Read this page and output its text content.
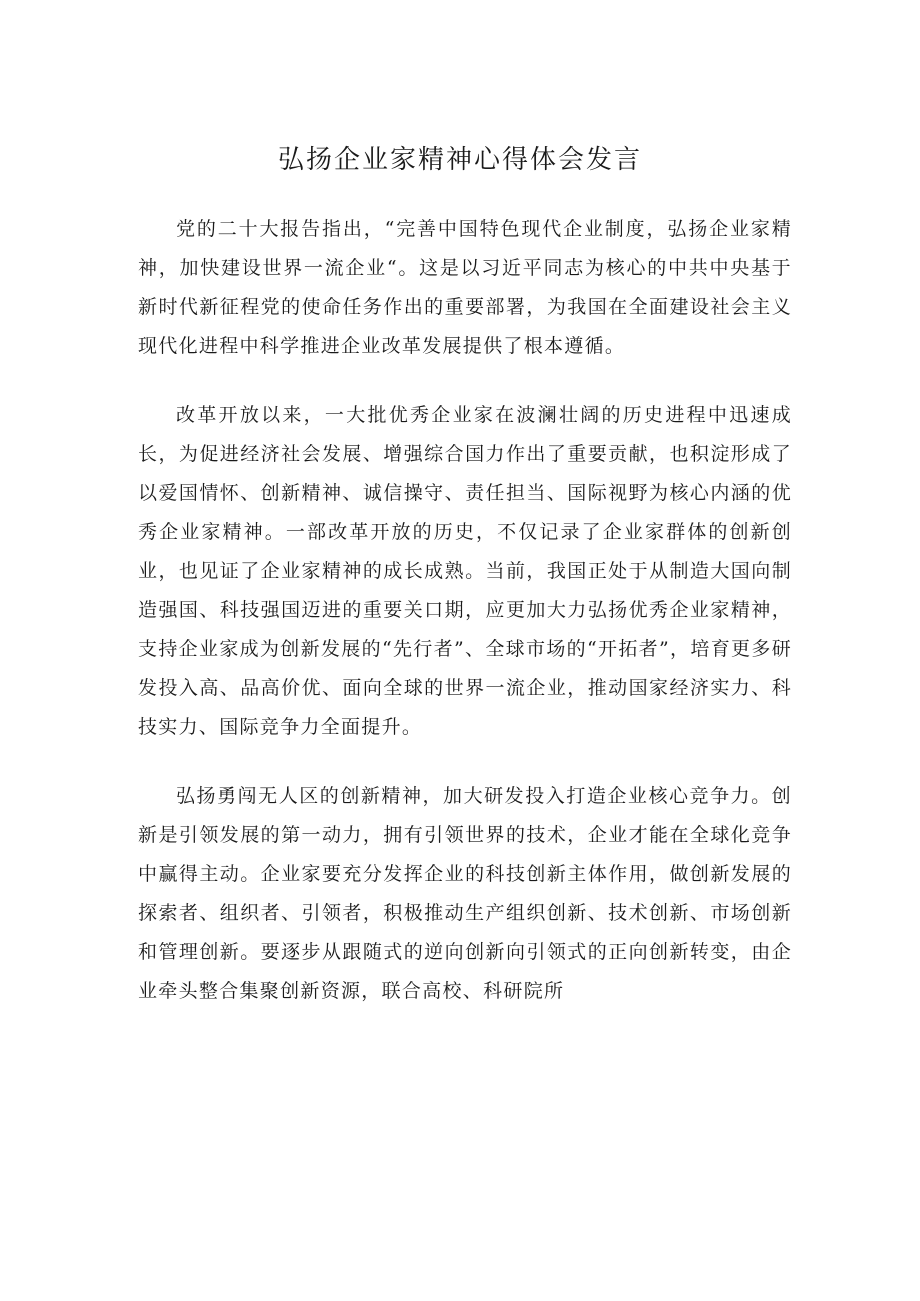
弘扬企业家精神心得体会发言

党的二十大报告指出，“完善中国特色现代企业制度，弘扬企业家精神，加快建设世界一流企业“。这是以习近平同志为核心的中共中央基于新时代新征程党的使命任务作出的重要部署，为我国在全面建设社会主义现代化进程中科学推进企业改革发展提供了根本遵循。

改革开放以来，一大批优秀企业家在波澜壮阔的历史进程中迅速成长，为促进经济社会发展、增强综合国力作出了重要贡献，也积淀形成了以爱国情怀、创新精神、诚信操守、责任担当、国际视野为核心内涵的优秀企业家精神。一部改革开放的历史，不仅记录了企业家群体的创新创业，也见证了企业家精神的成长成熟。当前，我国正处于从制造大国向制造强国、科技强国迈进的重要关口期，应更加大力弘扬优秀企业家精神，支持企业家成为创新发展的“先行者”、全球市场的“开拓者”，培育更多研发投入高、品高价优、面向全球的世界一流企业，推动国家经济实力、科技实力、国际竞争力全面提升。

弘扬勇闯无人区的创新精神，加大研发投入打造企业核心竞争力。创新是引领发展的第一动力，拥有引领世界的技术，企业才能在全球化竞争中赢得主动。企业家要充分发挥企业的科技创新主体作用，做创新发展的探索者、组织者、引领者，积极推动生产组织创新、技术创新、市场创新和管理创新。要逐步从跟随式的逆向创新向引领式的正向创新转变，由企业牵头整合集聚创新资源，联合高校、科研院所
